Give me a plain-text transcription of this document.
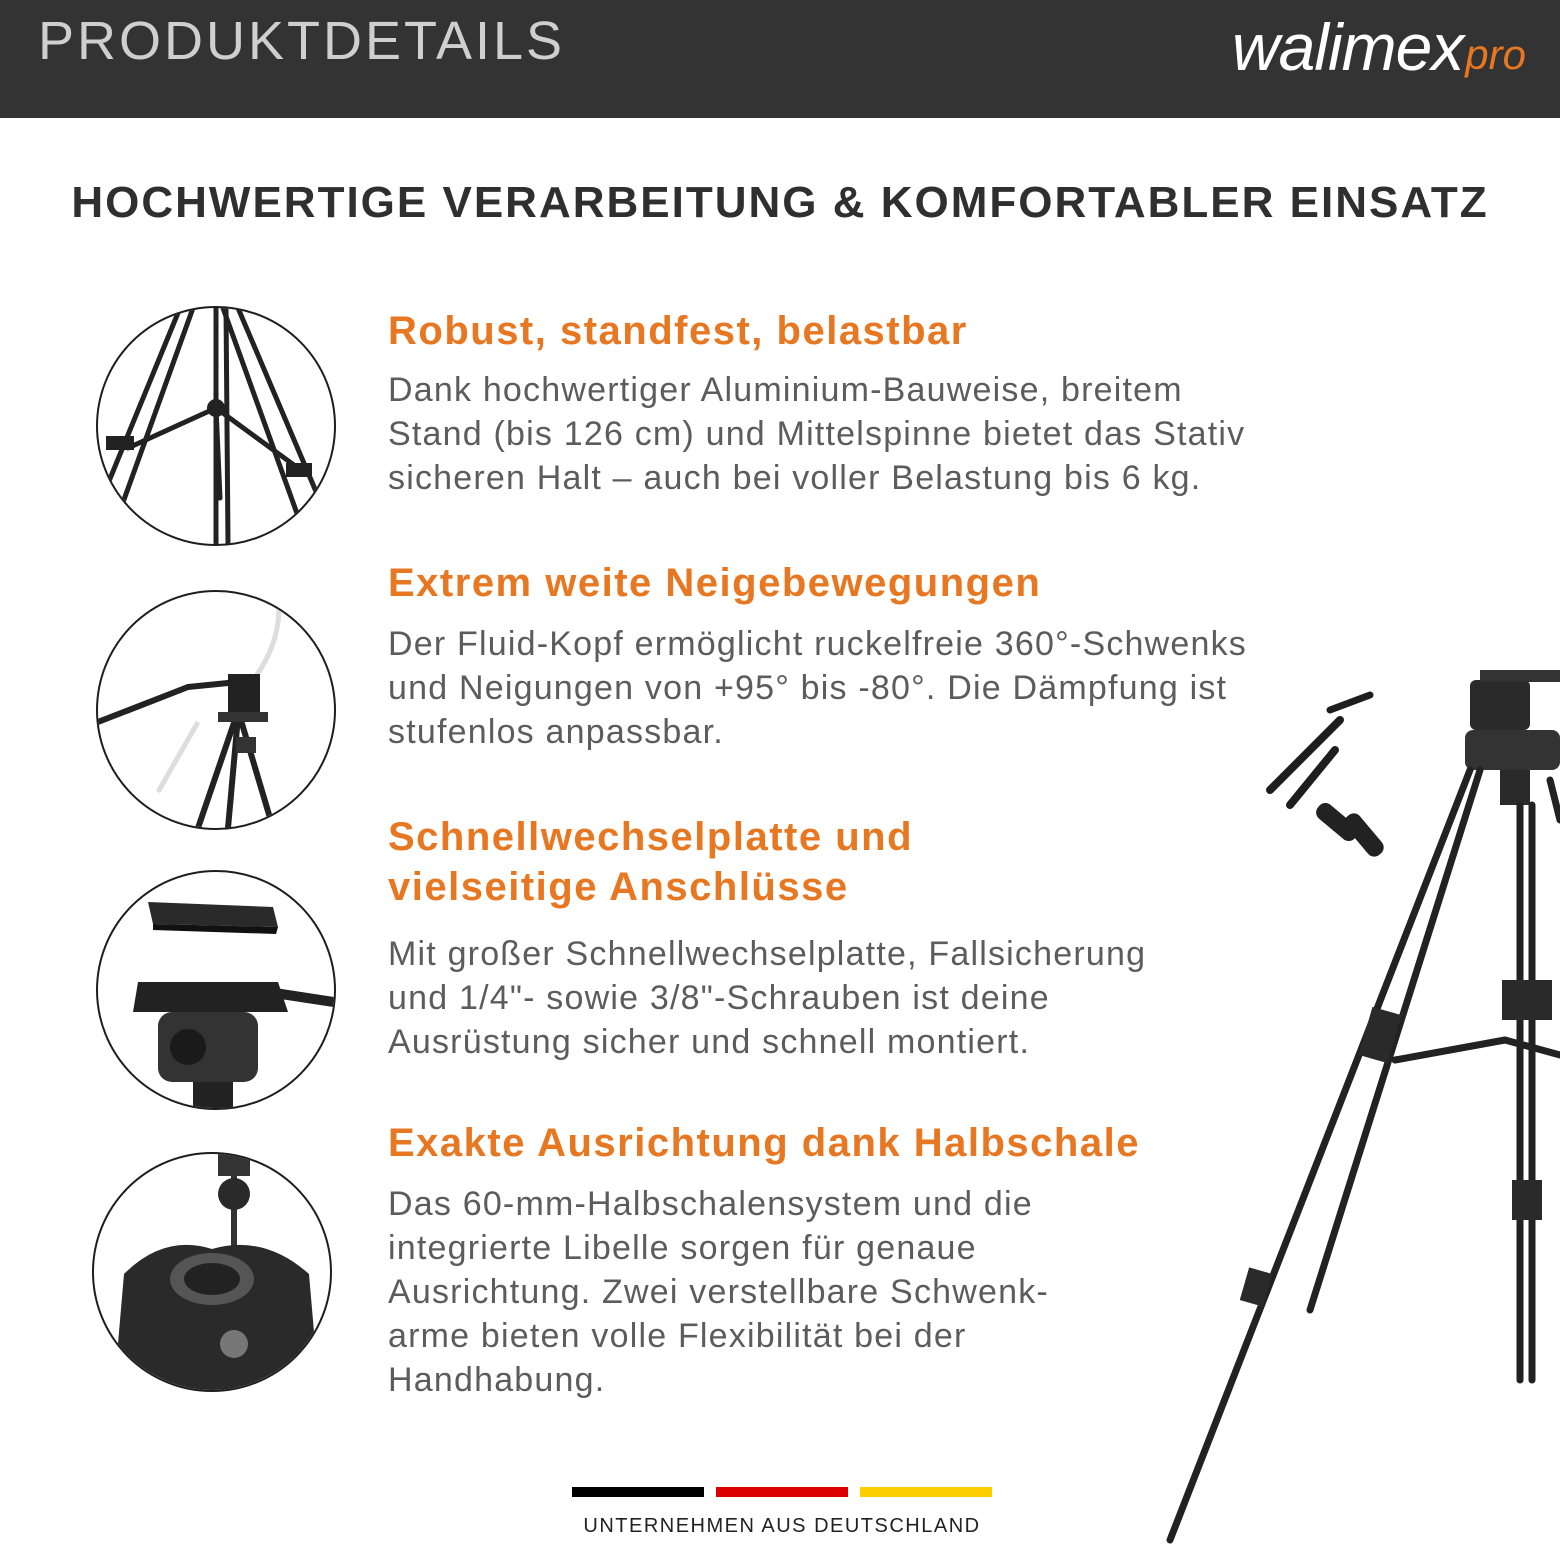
PRODUKTDETAILS	walimex pro
HOCHWERTIGE VERARBEITUNG & KOMFORTABLER EINSATZ
Robust, standfest, belastbar
Dank hochwertiger Aluminium-Bauweise, breitem
Stand (bis 126 cm) und Mittelspinne bietet das Stativ
sicheren Halt – auch bei voller Belastung bis 6 kg.
Extrem weite Neigebewegungen
Der Fluid-Kopf ermöglicht ruckelfreie 360°-Schwenks
und Neigungen von +95° bis -80°. Die Dämpfung ist
stufenlos anpassbar.
Schnellwechselplatte und
vielseitige Anschlüsse
Mit großer Schnellwechselplatte, Fallsicherung
und 1/4"- sowie 3/8"-Schrauben ist deine
Ausrüstung sicher und schnell montiert.
Exakte Ausrichtung dank Halbschale
Das 60-mm-Halbschalensystem und die
integrierte Libelle sorgen für genaue
Ausrichtung. Zwei verstellbare Schwenk-
arme bieten volle Flexibilität bei der
Handhabung.
UNTERNEHMEN AUS DEUTSCHLAND
